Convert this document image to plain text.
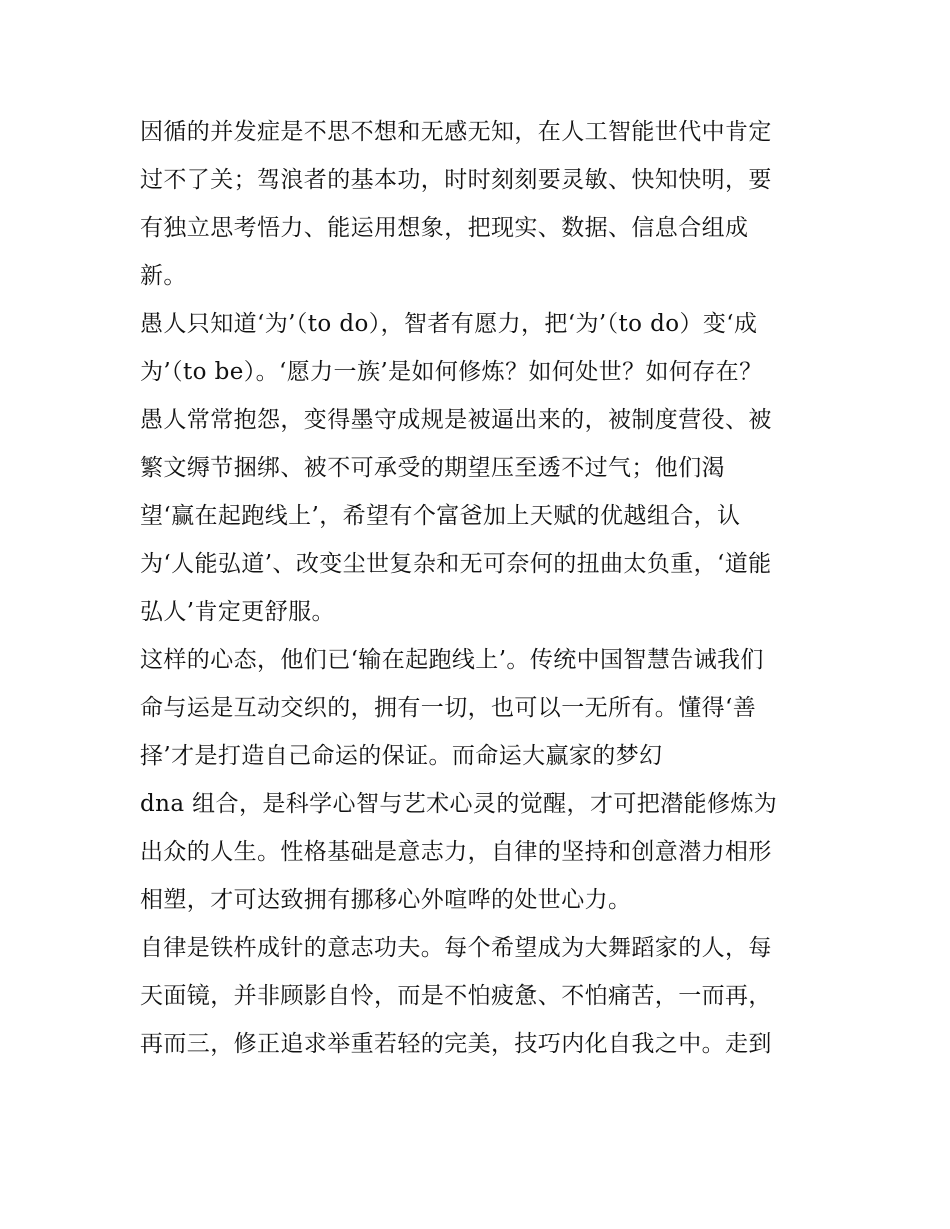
因循的并发症是不思不想和无感无知，在人工智能世代中肯定
过不了关；驾浪者的基本功，时时刻刻要灵敏、快知快明，要
有独立思考悟力、能运用想象，把现实、数据、信息合组成
新。
愚人只知道‘为’（to do），智者有愿力，把‘为’（to do）变‘成
为’（to be）。‘愿力一族’是如何修炼？如何处世？如何存在？
愚人常常抱怨，变得墨守成规是被逼出来的，被制度营役、被
繁文缛节捆绑、被不可承受的期望压至透不过气；他们渴
望‘赢在起跑线上’，希望有个富爸加上天赋的优越组合，认
为‘人能弘道’、改变尘世复杂和无可奈何的扭曲太负重，‘道能
弘人’肯定更舒服。
这样的心态，他们已‘输在起跑线上’。传统中国智慧告诫我们
命与运是互动交织的，拥有一切，也可以一无所有。懂得‘善
择’才是打造自己命运的保证。而命运大赢家的梦幻
dna 组合，是科学心智与艺术心灵的觉醒，才可把潜能修炼为
出众的人生。性格基础是意志力，自律的坚持和创意潜力相形
相塑，才可达致拥有挪移心外喧哗的处世心力。
自律是铁杵成针的意志功夫。每个希望成为大舞蹈家的人，每
天面镜，并非顾影自怜，而是不怕疲惫、不怕痛苦，一而再，
再而三，修正追求举重若轻的完美，技巧内化自我之中。走到
